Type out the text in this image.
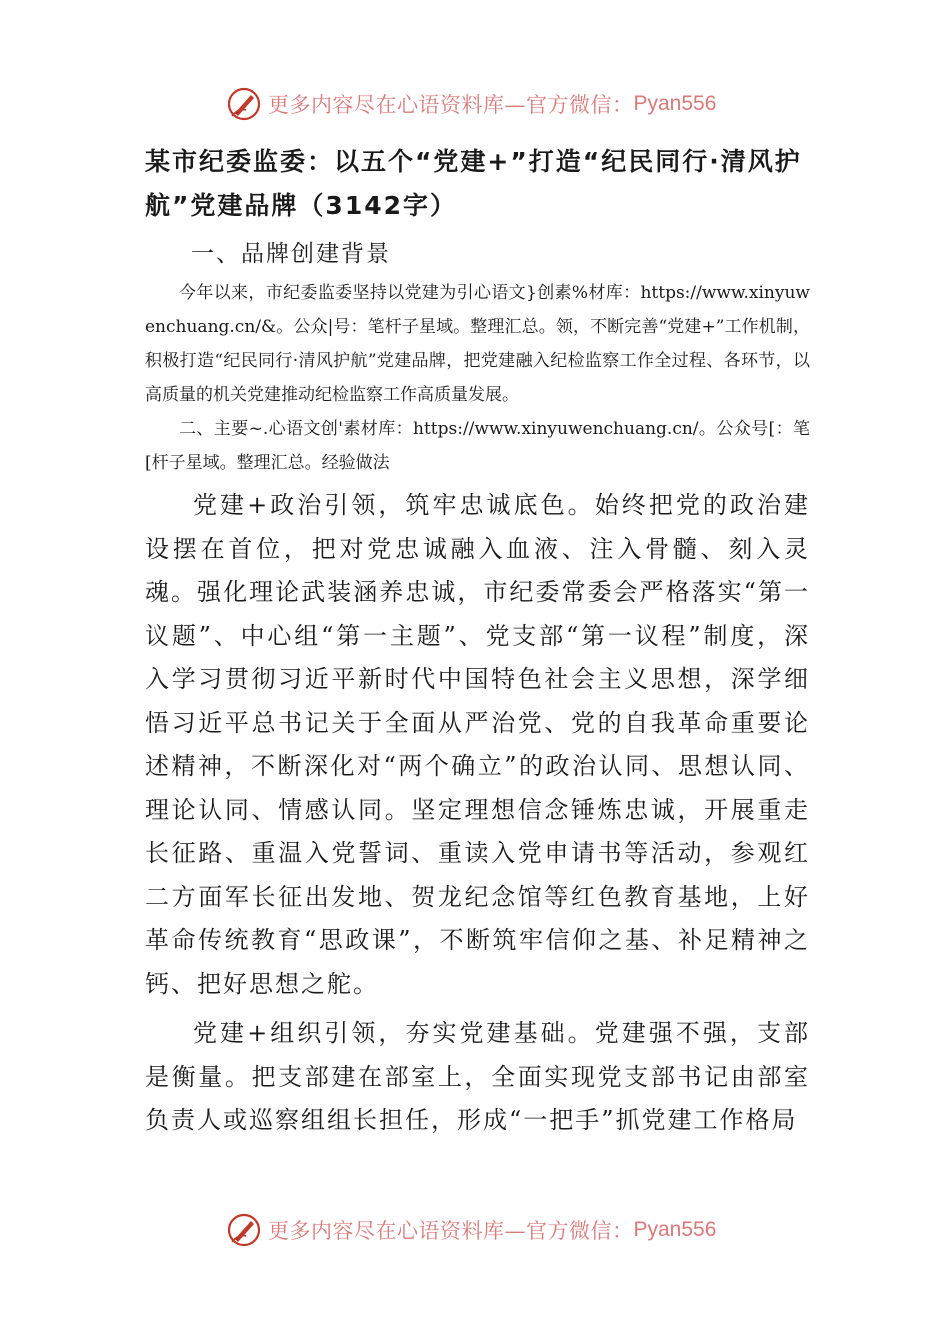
更多内容尽在心语资料库—官方微信： Pyan556

某市纪委监委：以五个“党建+”打造“纪民同行·清风护航”党建品牌（3142字）

一、品牌创建背景

今年以来，市纪委监委坚持以党建为引心语文}创素%材库：https://www.xinyuwenchuang.cn/&。公众|号：笔杆子星域。整理汇总。领，不断完善“党建+”工作机制，积极打造“纪民同行·清风护航”党建品牌，把党建融入纪检监察工作全过程、各环节，以高质量的机关党建推动纪检监察工作高质量发展。

二、主要~.心语文创'素材库：https://www.xinyuwenchuang.cn/。公众号[：笔[杆子星域。整理汇总。经验做法

党建+政治引领，筑牢忠诚底色。始终把党的政治建设摆在首位，把对党忠诚融入血液、注入骨髓、刻入灵魂。强化理论武装涵养忠诚，市纪委常委会严格落实“第一议题”、中心组“第一主题”、党支部“第一议程”制度，深入学习贯彻习近平新时代中国特色社会主义思想，深学细悟习近平总书记关于全面从严治党、党的自我革命重要论述精神，不断深化对“两个确立”的政治认同、思想认同、理论认同、情感认同。坚定理想信念锤炼忠诚，开展重走长征路、重温入党誓词、重读入党申请书等活动，参观红二方面军长征出发地、贺龙纪念馆等红色教育基地，上好革命传统教育“思政课”，不断筑牢信仰之基、补足精神之钙、把好思想之舵。

党建+组织引领，夯实党建基础。党建强不强，支部是衡量。把支部建在部室上，全面实现党支部书记由部室负责人或巡察组组长担任，形成“一把手”抓党建工作格局

更多内容尽在心语资料库—官方微信： Pyan556
